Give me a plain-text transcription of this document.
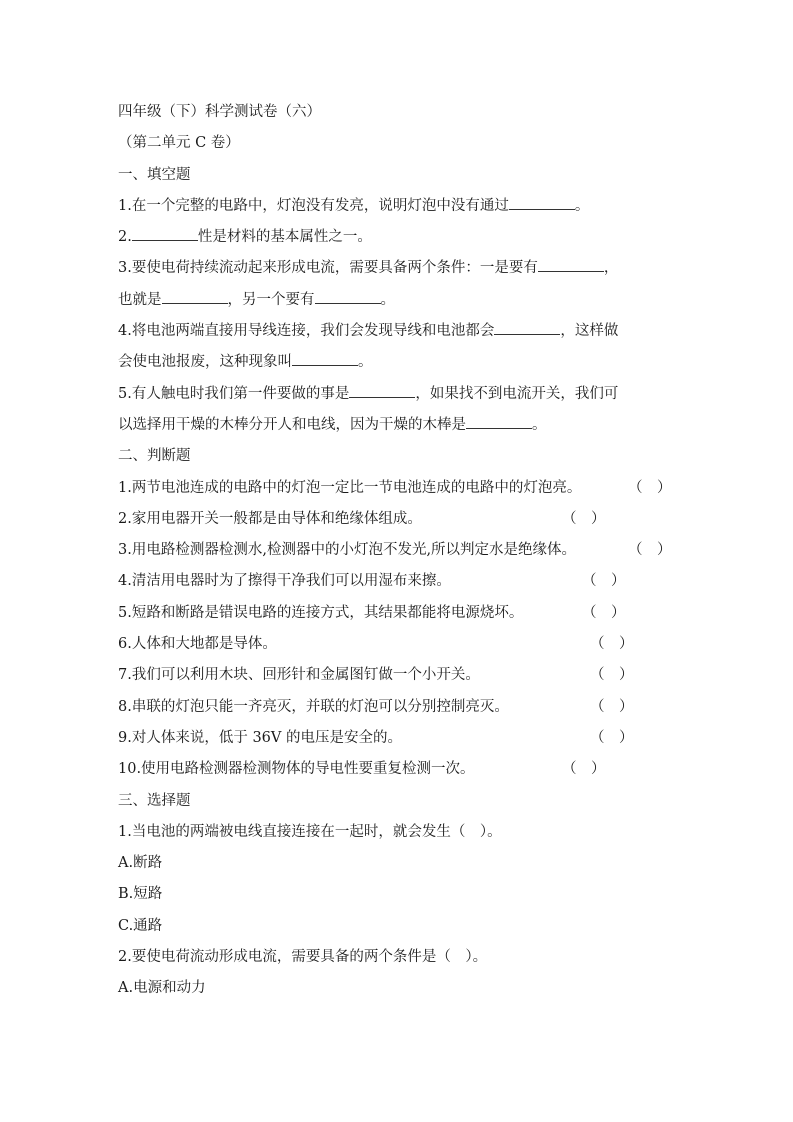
四年级（下）科学测试卷（六）
（第二单元 C 卷）
一、填空题
1.在一个完整的电路中，灯泡没有发亮，说明灯泡中没有通过	。
2.	性是材料的基本属性之一。
3.要使电荷持续流动起来形成电流，需要具备两个条件：一是要有	，
也就是	，另一个要有	。
4.将电池两端直接用导线连接，我们会发现导线和电池都会	，这样做
会使电池报废，这种现象叫	。
5.有人触电时我们第一件要做的事是	，如果找不到电流开关，我们可
以选择用干燥的木棒分开人和电线，因为干燥的木棒是	。
二、判断题
1.两节电池连成的电路中的灯泡一定比一节电池连成的电路中的灯泡亮。	（　）
2.家用电器开关一般都是由导体和绝缘体组成。	（　）
3.用电路检测器检测水,检测器中的小灯泡不发光,所以判定水是绝缘体。	（　）
4.清洁用电器时为了擦得干净我们可以用湿布来擦。	（　）
5.短路和断路是错误电路的连接方式，其结果都能将电源烧坏。	（　）
6.人体和大地都是导体。	（　）
7.我们可以利用木块、回形针和金属图钉做一个小开关。	（　）
8.串联的灯泡只能一齐亮灭，并联的灯泡可以分别控制亮灭。	（　）
9.对人体来说，低于 36V 的电压是安全的。	（　）
10.使用电路检测器检测物体的导电性要重复检测一次。	（　）
三、选择题
1.当电池的两端被电线直接连接在一起时，就会发生（　）。
A.断路
B.短路
C.通路
2.要使电荷流动形成电流，需要具备的两个条件是（　）。
A.电源和动力
